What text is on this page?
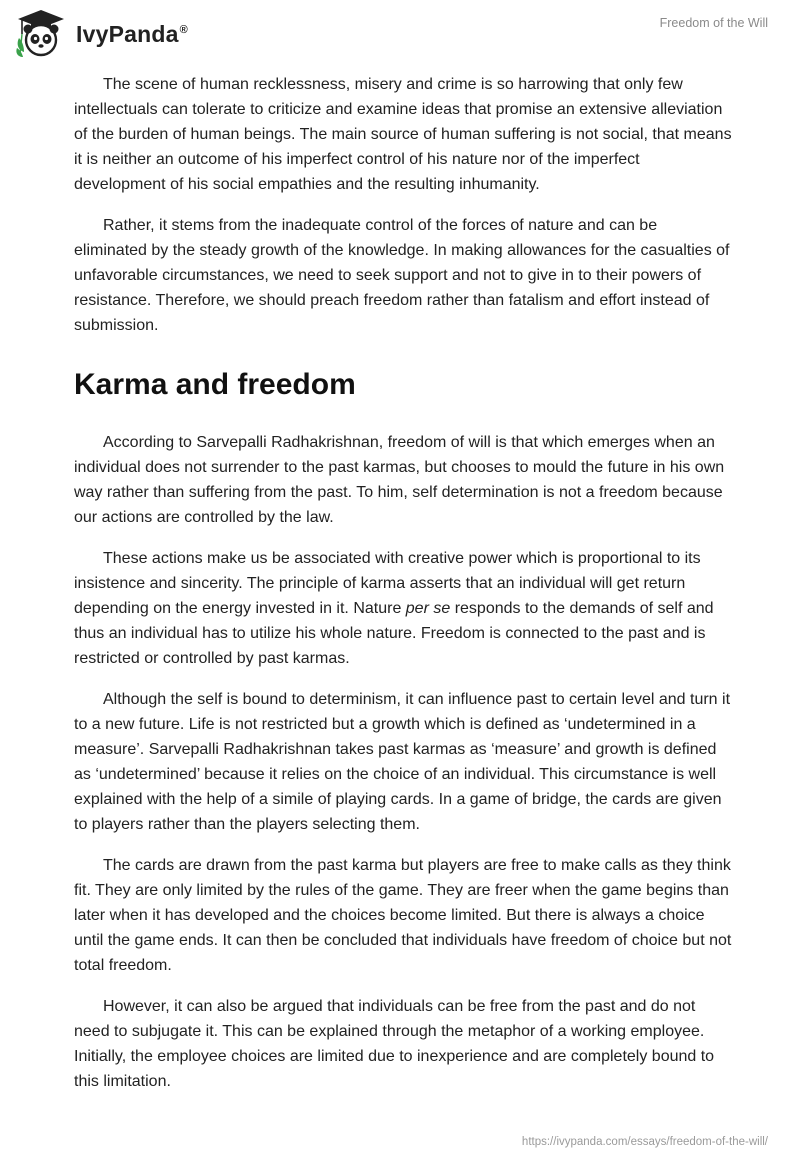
IvyPanda®	Freedom of the Will

The scene of human recklessness, misery and crime is so harrowing that only few intellectuals can tolerate to criticize and examine ideas that promise an extensive alleviation of the burden of human beings. The main source of human suffering is not social, that means it is neither an outcome of his imperfect control of his nature nor of the imperfect development of his social empathies and the resulting inhumanity.

Rather, it stems from the inadequate control of the forces of nature and can be eliminated by the steady growth of the knowledge. In making allowances for the casualties of unfavorable circumstances, we need to seek support and not to give in to their powers of resistance. Therefore, we should preach freedom rather than fatalism and effort instead of submission.

Karma and freedom

According to Sarvepalli Radhakrishnan, freedom of will is that which emerges when an individual does not surrender to the past karmas, but chooses to mould the future in his own way rather than suffering from the past. To him, self determination is not a freedom because our actions are controlled by the law.

These actions make us be associated with creative power which is proportional to its insistence and sincerity. The principle of karma asserts that an individual will get return depending on the energy invested in it. Nature per se responds to the demands of self and thus an individual has to utilize his whole nature. Freedom is connected to the past and is restricted or controlled by past karmas.

Although the self is bound to determinism, it can influence past to certain level and turn it to a new future. Life is not restricted but a growth which is defined as ‘undetermined in a measure’. Sarvepalli Radhakrishnan takes past karmas as ‘measure’ and growth is defined as ‘undetermined’ because it relies on the choice of an individual. This circumstance is well explained with the help of a simile of playing cards. In a game of bridge, the cards are given to players rather than the players selecting them.

The cards are drawn from the past karma but players are free to make calls as they think fit. They are only limited by the rules of the game. They are freer when the game begins than later when it has developed and the choices become limited. But there is always a choice until the game ends. It can then be concluded that individuals have freedom of choice but not total freedom.

However, it can also be argued that individuals can be free from the past and do not need to subjugate it. This can be explained through the metaphor of a working employee. Initially, the employee choices are limited due to inexperience and are completely bound to this limitation.

https://ivypanda.com/essays/freedom-of-the-will/
